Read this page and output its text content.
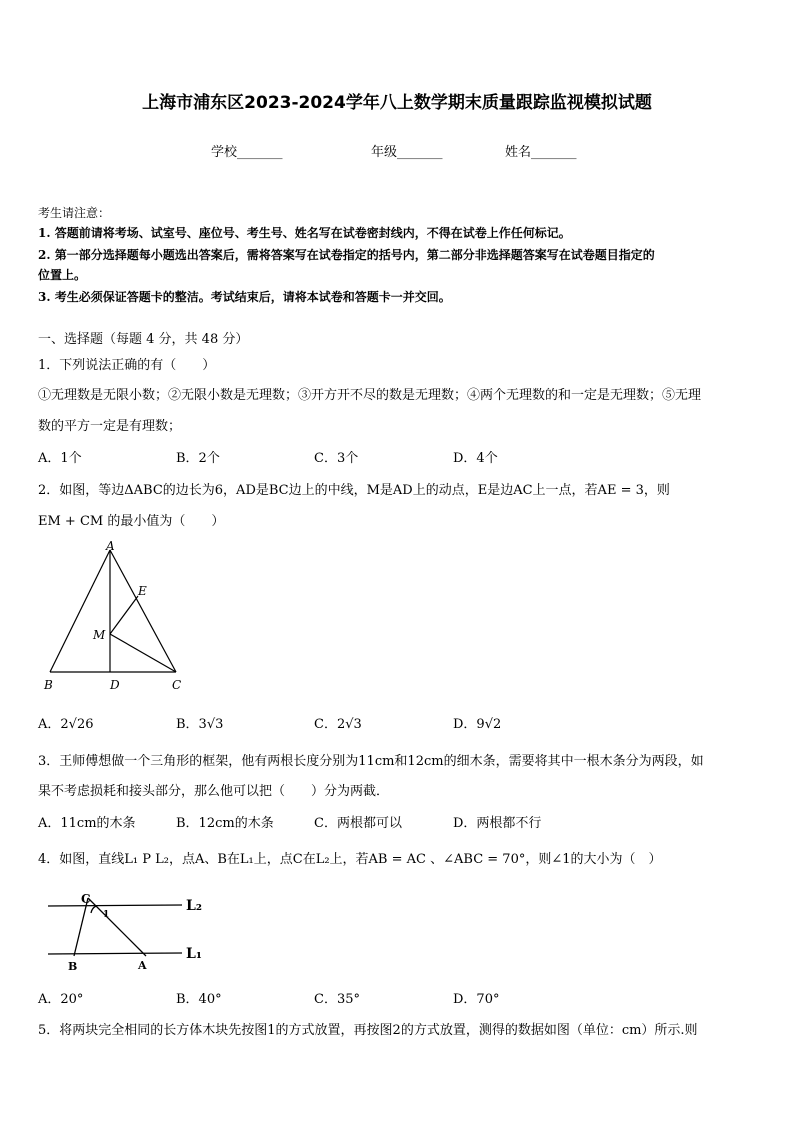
上海市浦东区2023-2024学年八上数学期末质量跟踪监视模拟试题
学校_______	年级_______	姓名_______
考生请注意：
1. 答题前请将考场、试室号、座位号、考生号、姓名写在试卷密封线内，不得在试卷上作任何标记。
2. 第一部分选择题每小题选出答案后，需将答案写在试卷指定的括号内，第二部分非选择题答案写在试卷题目指定的
位置上。
3. 考生必须保证答题卡的整洁。考试结束后，请将本试卷和答题卡一并交回。
一、选择题（每题 4 分，共 48 分）
1．下列说法正确的有（　　）
①无理数是无限小数；②无限小数是无理数；③开方开不尽的数是无理数；④两个无理数的和一定是无理数；⑤无理
数的平方一定是有理数；
A．1个	B．2个	C．3个	D．4个
2．如图，等边ΔABC的边长为6，AD是BC边上的中线，M是AD上的动点，E是边AC上一点，若AE = 3，则
EM + CM 的最小值为（　　）
A
B	C
D
E
M
A．2√26	B．3√3	C．2√3	D．9√2
3．王师傅想做一个三角形的框架，他有两根长度分别为11cm和12cm的细木条，需要将其中一根木条分为两段，如
果不考虑损耗和接头部分，那么他可以把（　　）分为两截．
A．11cm的木条	B．12cm的木条	C．两根都可以	D．两根都不行
4．如图，直线L₁ P L₂，点A、B在L₁上，点C在L₂上，若AB = AC 、∠ABC = 70°，则∠1的大小为（　）
C
1
L₂
B	A
L₁
A．20°	B．40°	C．35°	D．70°
5．将两块完全相同的长方体木块先按图1的方式放置，再按图2的方式放置，测得的数据如图（单位：cm）所示.则
